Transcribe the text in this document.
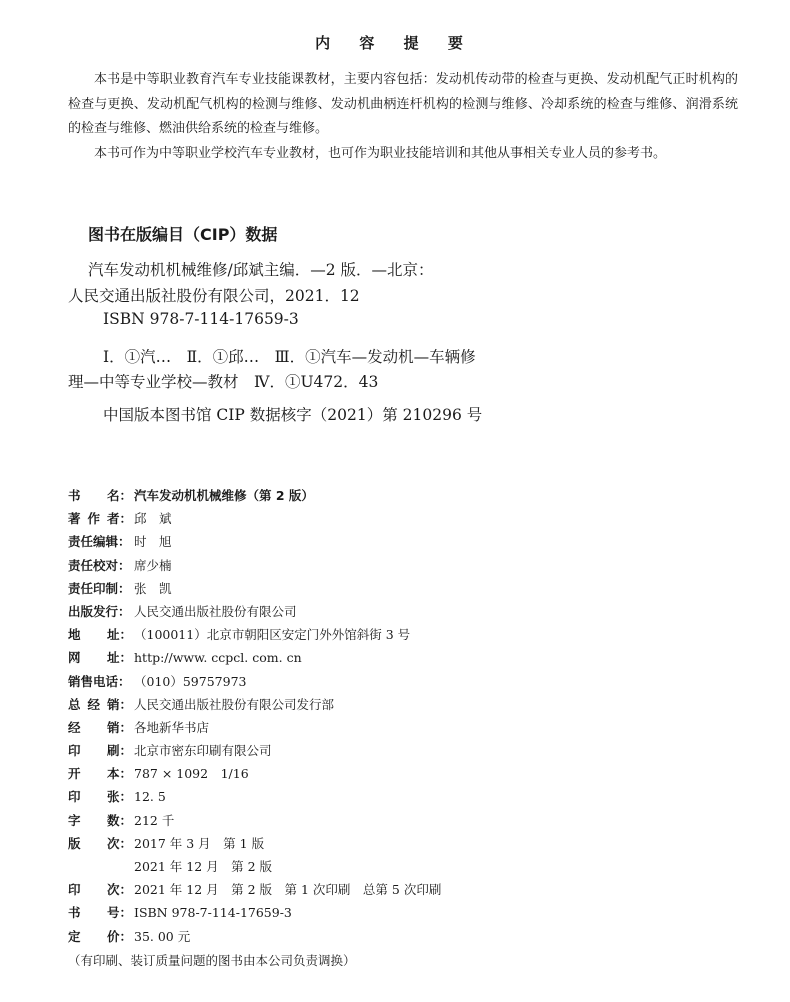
内 容 提 要

本书是中等职业教育汽车专业技能课教材，主要内容包括：发动机传动带的检查与更换、发动机配气正时机构的检查与更换、发动机配气机构的检测与维修、发动机曲柄连杆机构的检测与维修、冷却系统的检查与维修、润滑系统的检查与维修、燃油供给系统的检查与维修。

本书可作为中等职业学校汽车专业教材，也可作为职业技能培训和其他从事相关专业人员的参考书。

图书在版编目（CIP）数据
汽车发动机机械维修/邱斌主编．—2 版．—北京：
人民交通出版社股份有限公司，2021．12
ISBN 978-7-114-17659-3
Ⅰ．①汽…　Ⅱ．①邱…　Ⅲ．①汽车—发动机—车辆修
理—中等专业学校—教材　Ⅳ．①U472．43
中国版本图书馆 CIP 数据核字（2021）第 210296 号
书 名： 汽车发动机机械维修（第 2 版）
著 作 者： 邱　斌
责任编辑： 时　旭
责任校对： 席少楠
责任印制： 张　凯
出版发行： 人民交通出版社股份有限公司
地 址： （100011）北京市朝阳区安定门外外馆斜街 3 号
网 址： http://www. ccpcl. com. cn
销售电话： （010）59757973
总 经 销： 人民交通出版社股份有限公司发行部
经 销： 各地新华书店
印 刷： 北京市密东印刷有限公司
开 本： 787 × 1092　1/16
印 张： 12. 5
字 数： 212 千
版 次： 2017 年 3 月　第 1 版
2021 年 12 月　第 2 版
印 次： 2021 年 12 月　第 2 版　第 1 次印刷　总第 5 次印刷
书 号： ISBN 978-7-114-17659-3
定 价： 35. 00 元
（有印刷、装订质量问题的图书由本公司负责调换）
